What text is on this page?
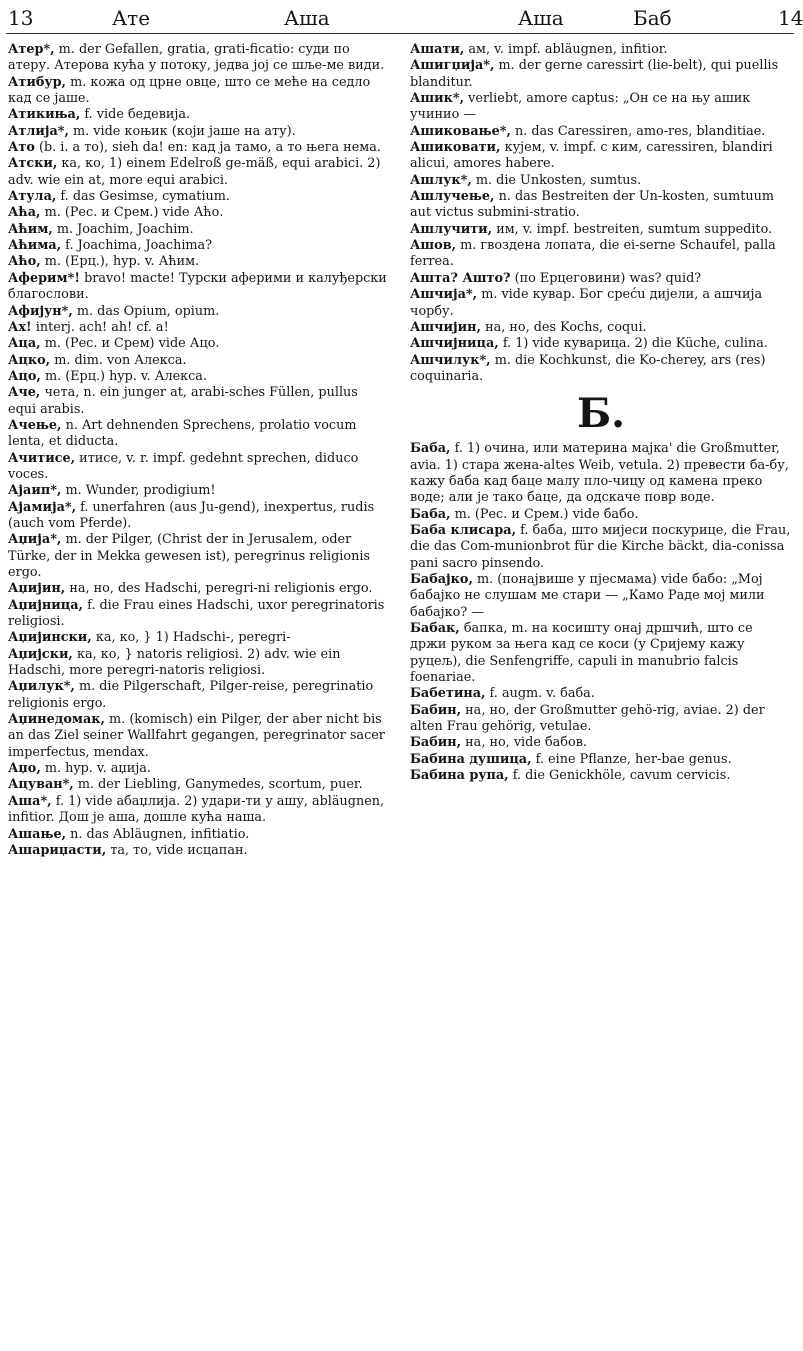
13	Ате	Аша	Аша	Баб	14

Атер*, m. der Gefallen, gratia, grati-ficatio: суди по атеру. Атерова кућа у потоку, једва јој се шље-ме види.

Атибур, m. кожа од црне овце, што се меће на седло кад се јаше.

Атикиња, f. vide бедевија.

Атлија*, m. vide коњик (који јаше на ату).

Ато (b. i. а то), sieh da! en: кад ја тамо, а то њега нема.

Атски, ка, ко, 1) einem Edelroß ge-mäß, equi arabici. 2) adv. wie ein at, more equi arabici.

Атула, f. das Gesimse, cymatium.

Аћа, m. (Рес. и Срем.) vide Аћо.

Аћим, m. Joachim, Joachim.

Аћима, f. Joachima, Joachima?

Аћо, m. (Ерц.), hyp. v. Аћим.

Аферим*! bravo! macte! Турски аферими и калуђерски благослови.

Афијун*, m. das Opium, opium.

Ах! interj. ach! ah! cf. а!

Аца, m. (Рес. и Срем) vide Ацо.

Ацко, m. dim. von Алекса.

Ацо, m. (Ерц.) hyp. v. Алекса.

Аче, чета, n. ein junger at, arabi-sches Füllen, pullus equi arabis.

Ачење, n. Art dehnenden Sprechens, prolatio vocum lenta, et diducta.

Ачитисе, итисе, v. r. impf. gedehnt sprechen, diduco voces.

Ајаип*, m. Wunder, prodigium!

Ајамија*, f. unerfahren (aus Ju-gend), inexpertus, rudis (auch vom Pferde).

Аџија*, m. der Pilger, (Christ der in Jerusalem, oder Türke, der in Mekka gewesen ist), peregrinus religionis ergo.

Аџијин, на, но, des Hadschi, peregri-ni religionis ergo.

Аџијница, f. die Frau eines Hadschi, uxor peregrinatoris religiosi.

Аџијински, ка, ко, } 1) Hadschi-, peregri-

Аџијски, ка, ко, } natoris religiosi. 2) adv. wie ein Hadschi, more peregri-natoris religiosi.

Аџилук*, m. die Pilgerschaft, Pilger-reise, peregrinatio religionis ergo.

Аџинедомак, m. (komisch) ein Pilger, der aber nicht bis an das Ziel seiner Wallfahrt gegangen, peregrinator sacer imperfectus, mendax.

Аџо, m. hyp. v. аџија.

Ацуван*, m. der Liebling, Ganymedes, scortum, puer.

Аша*, f. 1) vide абаџлија. 2) удари-ти у ашу, abläugnen, infitior. Дош је аша, дошле кућа наша.

Ашање, n. das Abläugnen, infitiatio.

Ашариџасти, та, то, vide исцапан.

Ашати, ам, v. impf. abläugnen, infitior.

Ашигџија*, m. der gerne caressirt (lie-belt), qui puellis blanditur.

Ашик*, verliebt, amore captus: „Он се на њу ашик учинио —

Ашиковање*, n. das Caressiren, amo-res, blanditiae.

Ашиковати, кујем, v. impf. с ким, caressiren, blandiri alicui, amores habere.

Ашлук*, m. die Unkosten, sumtus.

Ашлучење, n. das Bestreiten der Un-kosten, sumtuum aut victus submini-stratio.

Ашлучити, им, v. impf. bestreiten, sumtum suppedito.

Ашов, m. гвоздена лопата, die ei-serne Schaufel, palla ferrea.

Ашта? Аштo? (по Ерцеговини) was? quid?

Ашчија*, m. vide кувар. Бог среću дијели, а ашчија чорбу.

Ашчијин, на, но, des Kochs, coqui.

Ашчијница, f. 1) vide куварица. 2) die Küche, culina.

Ашчилук*, m. die Kochkunst, die Ko-cherey, ars (res) coquinaria.

Б.

Баба, f. 1) очина, или материна мајка' die Großmutter, avia. 1) стара жена-altes Weib, vetula. 2) превести ба-бу, кажу баба кад баце малу пло-чицу од камена преко воде; али је тако баце, да одскаче повр воде.

Баба, m. (Рес. и Срем.) vide бабо.

Баба клисара, f. баба, што мијеси поскурице, die Frau, die das Com-munionbrot für die Kirche bäckt, dia-conissa pani sacro pinsendo.

Бабајко, m. (понајвише у пјесмама) vide бабо: „Мој бабајко не слушам ме стари — „Камо Раде мој мили бабајко? —

Бабак, бапка, m. на косишту онај дршчић, што се држи руком за њега кад се коси (у Сријему кажу руцељ), die Senfengriffe, capuli in manubrio falcis foenariae.

Бабетина, f. augm. v. баба.

Бабин, на, но, der Großmutter gehö-rig, aviae. 2) der alten Frau gehörig, vetulae.

Бабин, на, но, vide бабов.

Бабина душица, f. eine Pflanze, her-bae genus.

Бабина рупа, f. die Genickhöle, cavum cervicis.
